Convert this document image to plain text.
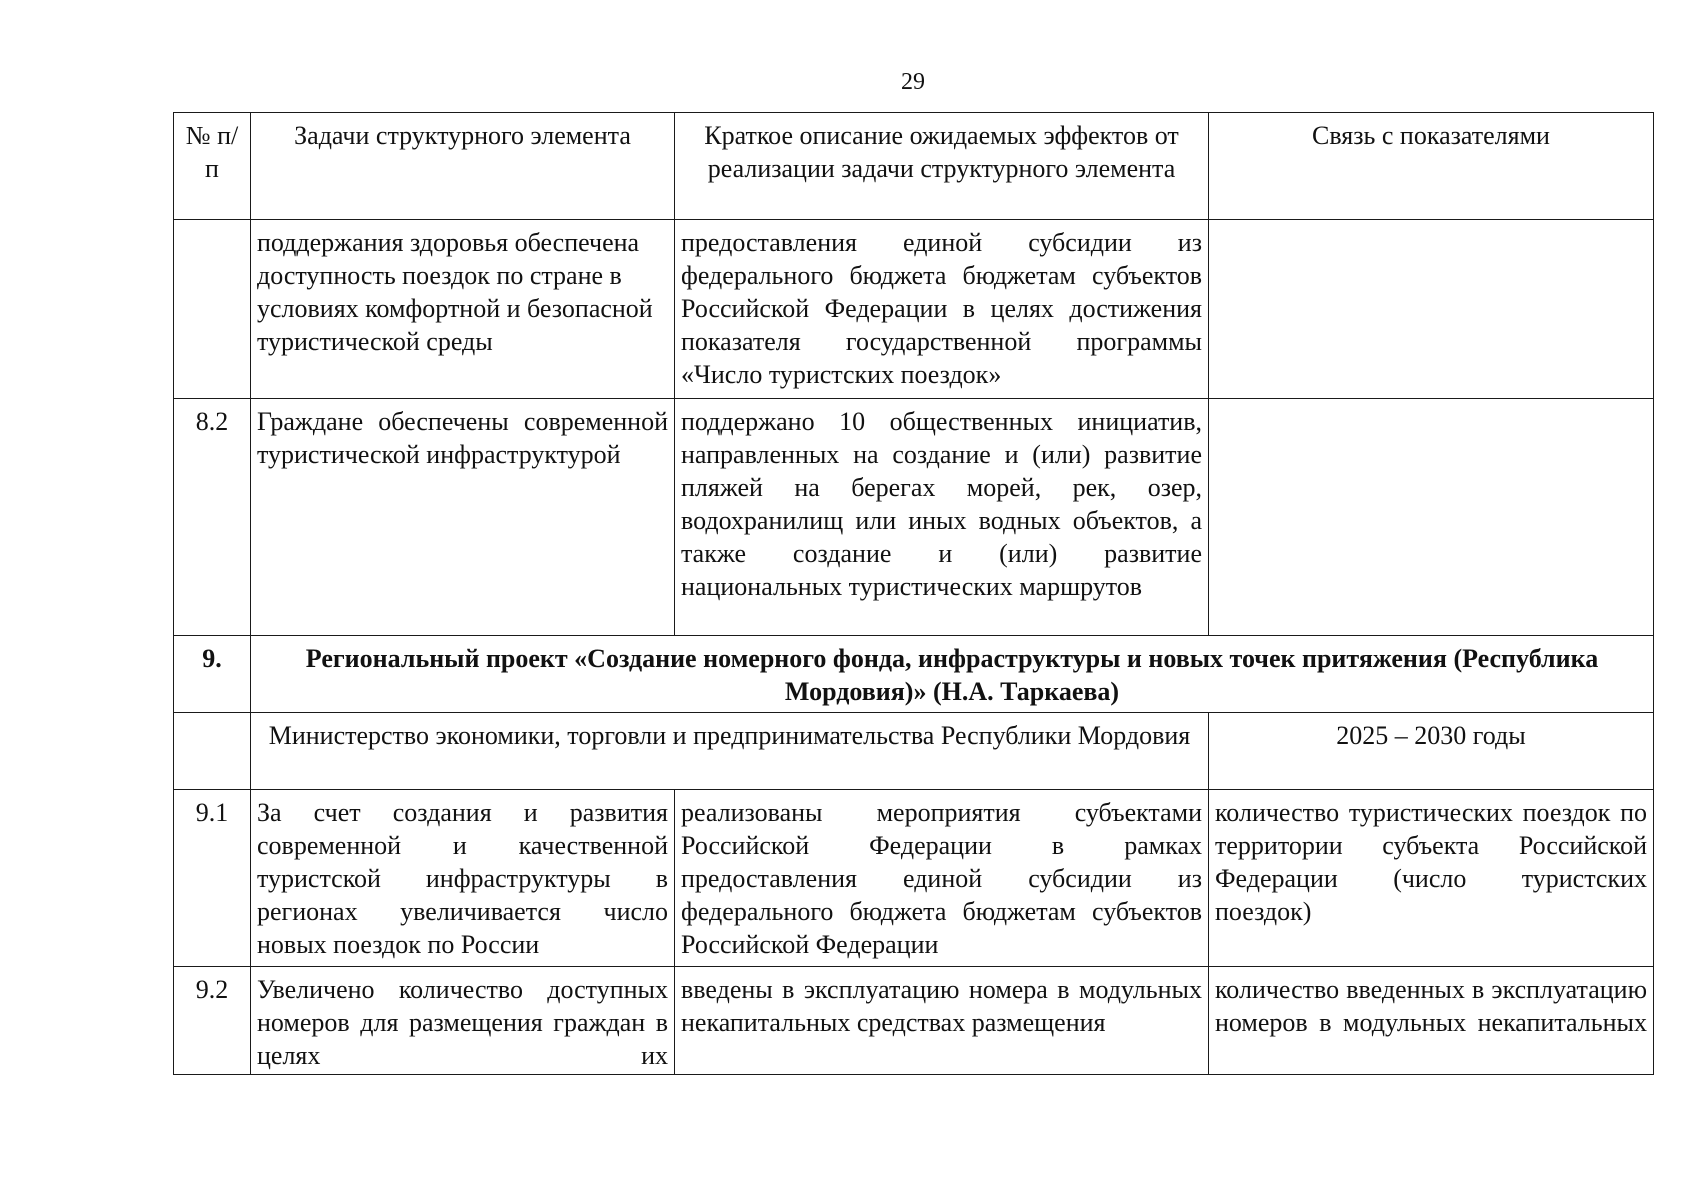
29
№ п/п	Задачи структурного элемента	Краткое описание ожидаемых эффектов от реализации задачи структурного элемента	Связь с показателями
	поддержания здоровья обеспечена доступность поездок по стране в условиях комфортной и безопасной туристической среды	предоставления единой субсидии из федерального бюджета бюджетам субъектов Российской Федерации в целях достижения показателя государственной программы «Число туристских поездок»	
8.2	Граждане обеспечены современной туристической инфраструктурой	поддержано 10 общественных инициатив, направленных на создание и (или) развитие пляжей на берегах морей, рек, озер, водохранилищ или иных водных объектов, а также создание и (или) развитие национальных туристических маршрутов	
9.	Региональный проект «Создание номерного фонда, инфраструктуры и новых точек притяжения (Республика Мордовия)» (Н.А. Таркаева)		
	Министерство экономики, торговли и предпринимательства Республики Мордовия		2025 – 2030 годы
9.1	За счет создания и развития современной и качественной туристской инфраструктуры в регионах увеличивается число новых поездок по России	реализованы мероприятия субъектами Российской Федерации в рамках предоставления единой субсидии из федерального бюджета бюджетам субъектов Российской Федерации	количество туристических поездок по территории субъекта Российской Федерации (число туристских поездок)
9.2	Увеличено количество доступных номеров для размещения граждан в целях их	введены в эксплуатацию номера в модульных некапитальных средствах размещения	количество введенных в эксплуатацию номеров в модульных некапитальных
